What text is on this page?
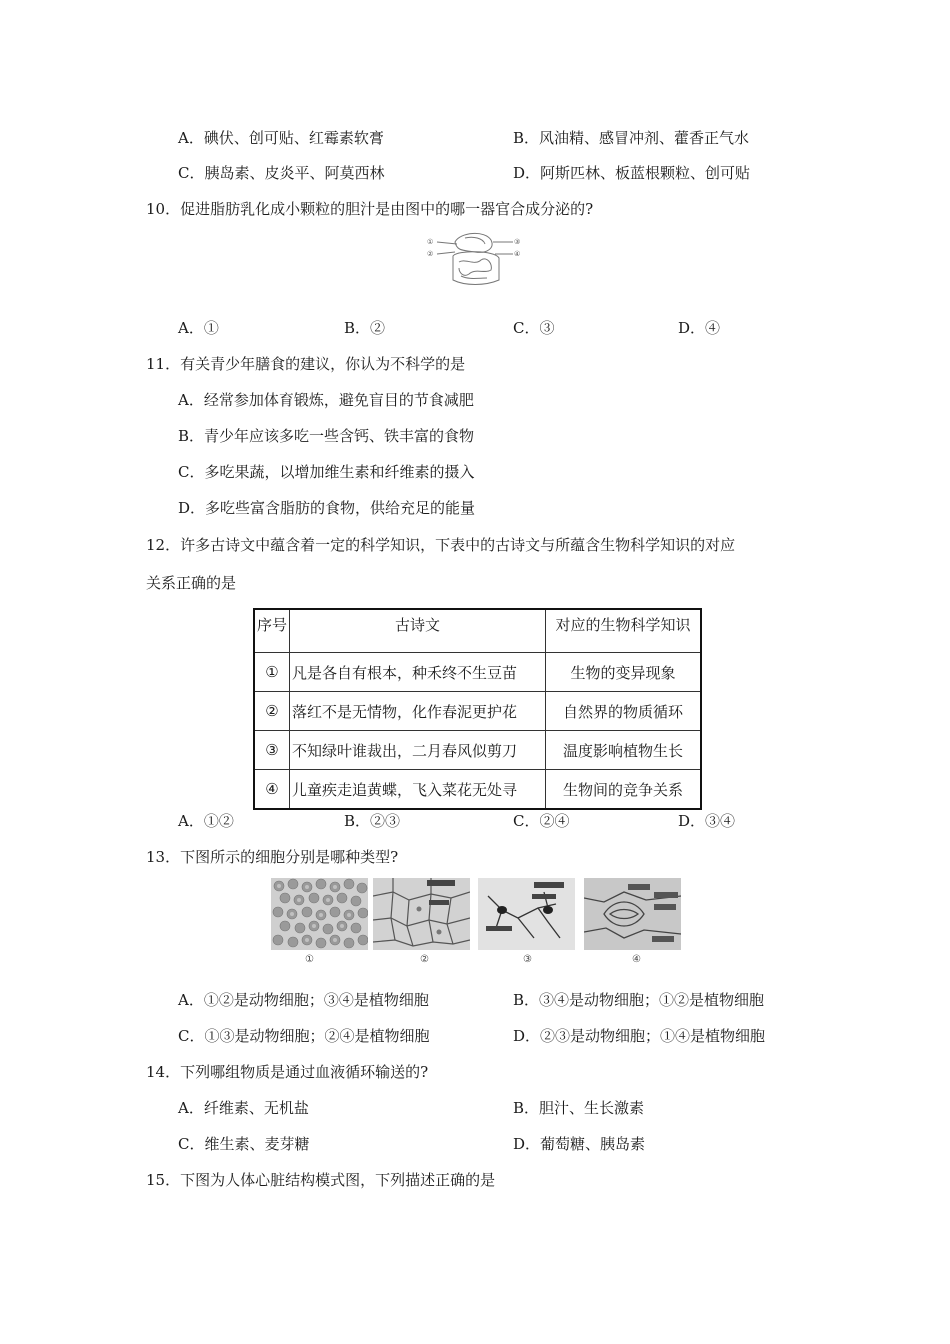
A．碘伏、创可贴、红霉素软膏	B．风油精、感冒冲剂、藿香正气水
C．胰岛素、皮炎平、阿莫西林	D．阿斯匹林、板蓝根颗粒、创可贴
10．促进脂肪乳化成小颗粒的胆汁是由图中的哪一器官合成分泌的?
①
②
③
④
A．①	B．②	C．③	D．④
11．有关青少年膳食的建议，你认为不科学的是
A．经常参加体育锻炼，避免盲目的节食减肥
B．青少年应该多吃一些含钙、铁丰富的食物
C．多吃果蔬，以增加维生素和纤维素的摄入
D．多吃些富含脂肪的食物，供给充足的能量
12．许多古诗文中蕴含着一定的科学知识，下表中的古诗文与所蕴含生物科学知识的对应
关系正确的是
序号	古诗文	对应的生物科学知识
①	凡是各自有根本，种禾终不生豆苗	生物的变异现象
②	落红不是无情物，化作春泥更护花	自然界的物质循环
③	不知绿叶谁裁出，二月春风似剪刀	温度影响植物生长
④	儿童疾走追黄蝶，飞入菜花无处寻	生物间的竞争关系
A．①②	B．②③	C．②④	D．③④
13．下图所示的细胞分别是哪种类型?
①	②	③	④
A．①②是动物细胞；③④是植物细胞	B．③④是动物细胞；①②是植物细胞
C．①③是动物细胞；②④是植物细胞	D．②③是动物细胞；①④是植物细胞
14．下列哪组物质是通过血液循环输送的?
A．纤维素、无机盐	B．胆汁、生长激素
C．维生素、麦芽糖	D．葡萄糖、胰岛素
15．下图为人体心脏结构模式图，下列描述正确的是
